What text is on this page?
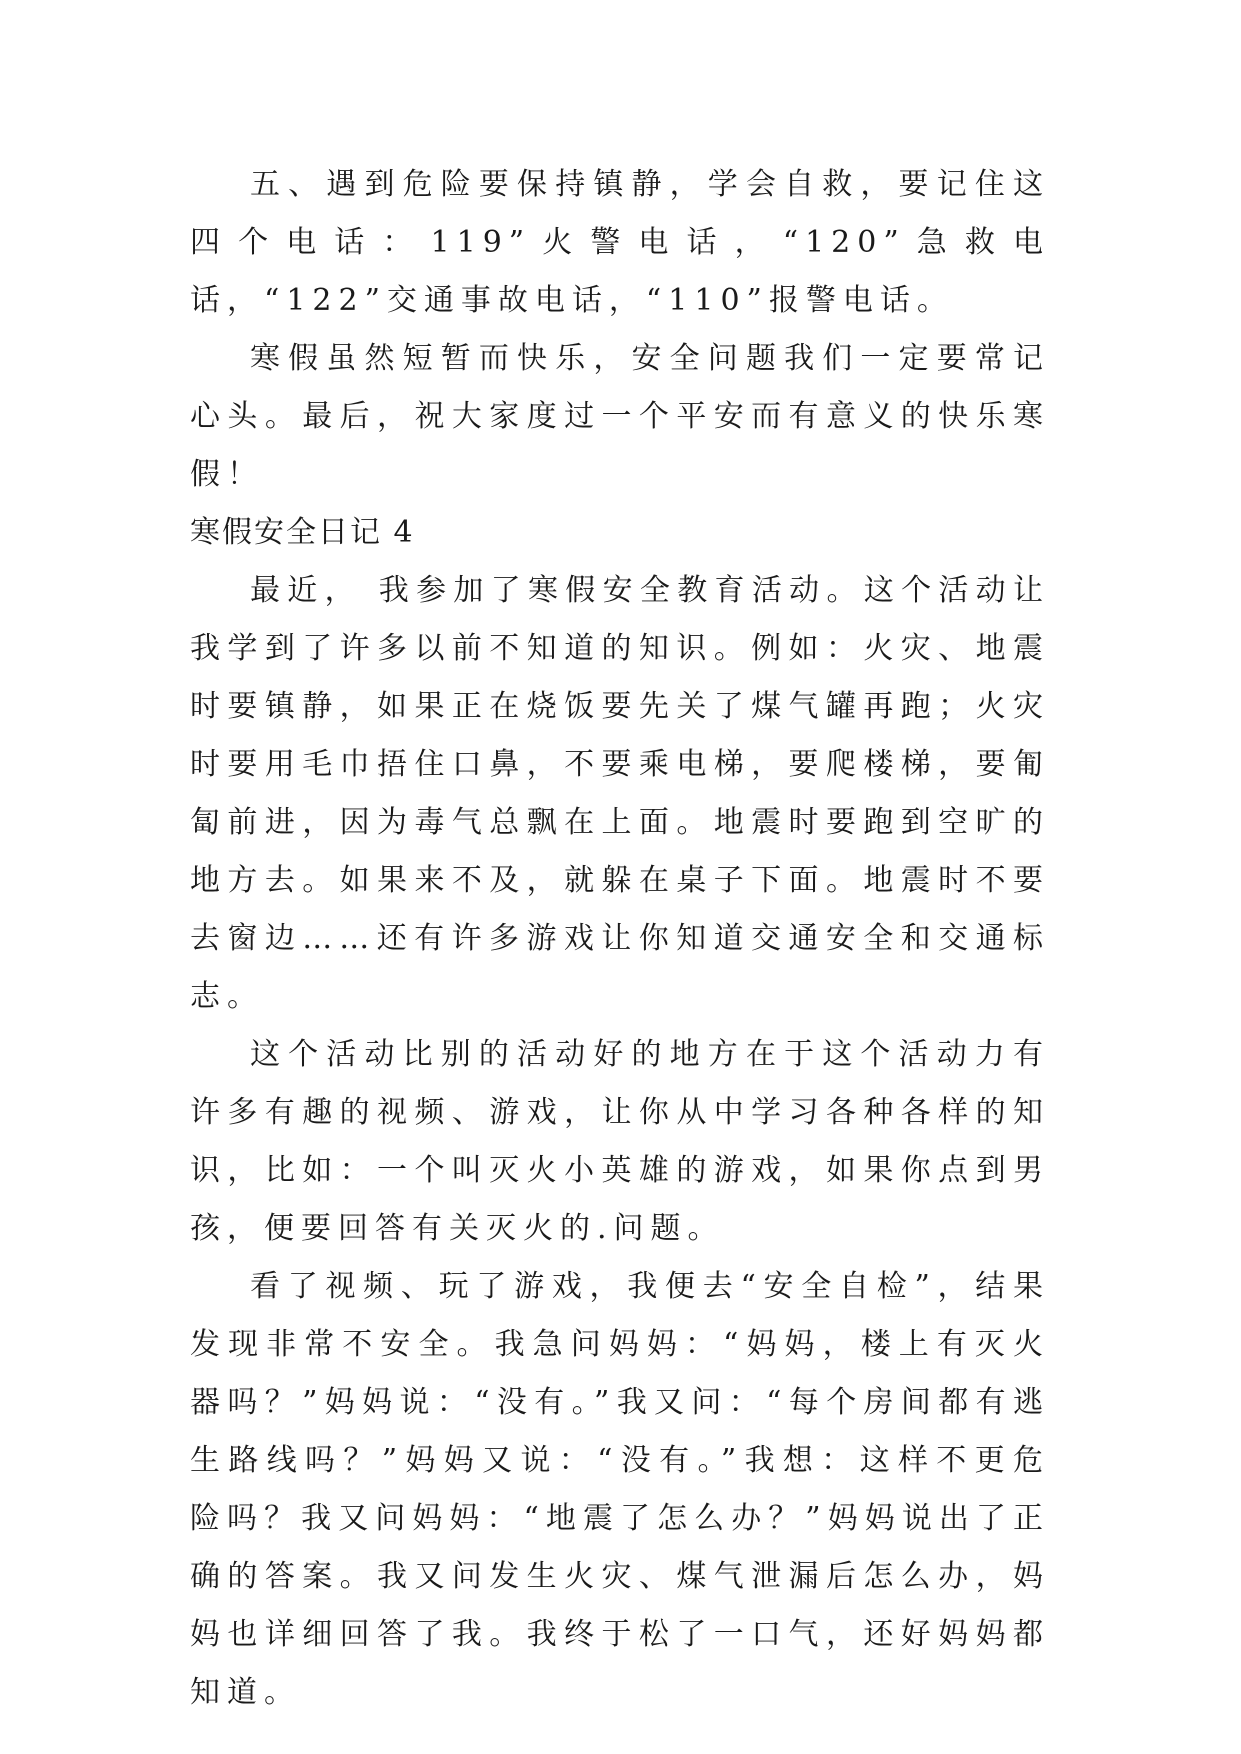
五、遇到危险要保持镇静，学会自救，要记住这四个电话：119”火警电话，“120”急救电话，“122”交通事故电话，“110”报警电话。

寒假虽然短暂而快乐，安全问题我们一定要常记心头。最后，祝大家度过一个平安而有意义的快乐寒假！

寒假安全日记 4

最近， 我参加了寒假安全教育活动。这个活动让我学到了许多以前不知道的知识。例如：火灾、地震时要镇静，如果正在烧饭要先关了煤气罐再跑；火灾时要用毛巾捂住口鼻，不要乘电梯，要爬楼梯，要匍匐前进，因为毒气总飘在上面。地震时要跑到空旷的地方去。如果来不及，就躲在桌子下面。地震时不要去窗边……还有许多游戏让你知道交通安全和交通标志。

这个活动比别的活动好的地方在于这个活动力有许多有趣的视频、游戏，让你从中学习各种各样的知识，比如：一个叫灭火小英雄的游戏，如果你点到男孩，便要回答有关灭火的.问题。

看了视频、玩了游戏，我便去“安全自检”，结果发现非常不安全。我急问妈妈：“妈妈，楼上有灭火器吗？”妈妈说：“没有。”我又问：“每个房间都有逃生路线吗？”妈妈又说：“没有。”我想：这样不更危险吗？我又问妈妈：“地震了怎么办？”妈妈说出了正确的答案。我又问发生火灾、煤气泄漏后怎么办，妈妈也详细回答了我。我终于松了一口气，还好妈妈都知道。
